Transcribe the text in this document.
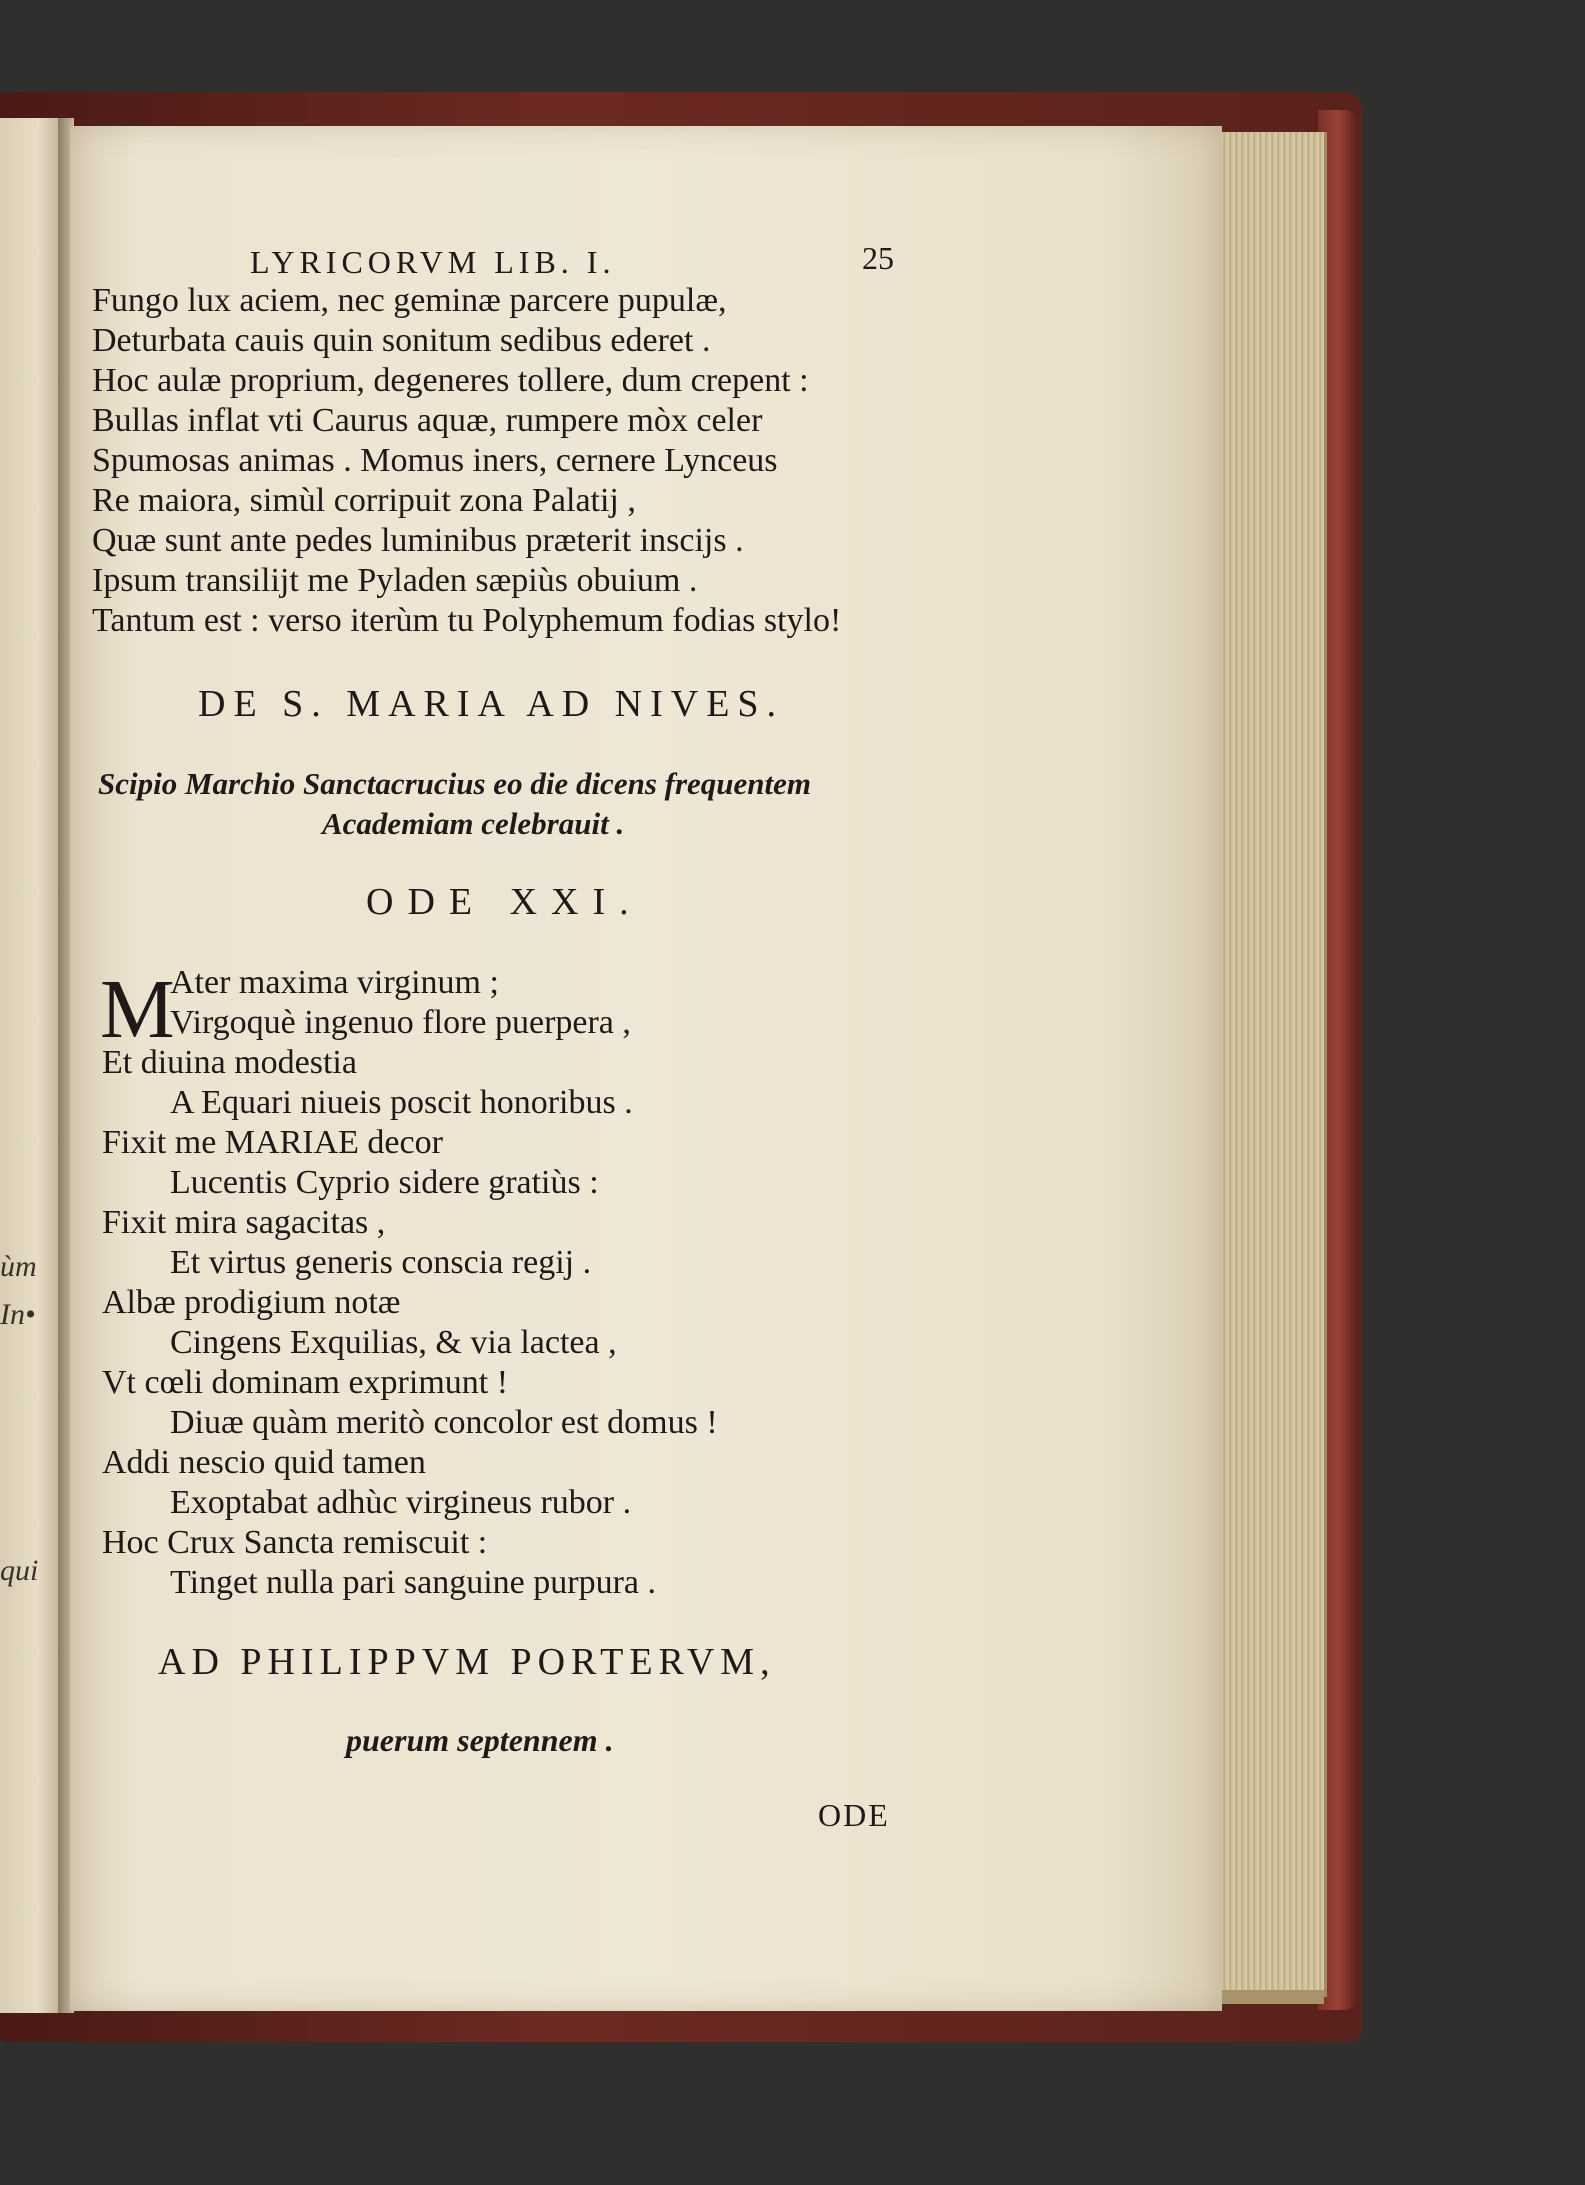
ùm
In•
qui
LYRICORVM LIB. I.	25
Fungo lux aciem, nec geminæ parcere pupulæ,
Deturbata cauis quin sonitum sedibus ederet .
Hoc aulæ proprium, degeneres tollere, dum crepent :
Bullas inflat vti Caurus aquæ, rumpere mòx celer
Spumosas animas . Momus iners, cernere Lynceus
Re maiora, simùl corripuit zona Palatij ,
Quæ sunt ante pedes luminibus præterit inscijs .
Ipsum transilijt me Pyladen sæpiùs obuium .
Tantum est : verso iterùm tu Polyphemum fodias stylo!
DE S. MARIA AD NIVES.
Scipio Marchio Sanctacrucius eo die dicens frequentem
Academiam celebrauit .
ODE XXI.
M
Ater maxima virginum ;
Virgoquè ingenuo flore puerpera ,
Et diuina modestia
A Equari niueis poscit honoribus .
Fixit me MARIAE decor
Lucentis Cyprio sidere gratiùs :
Fixit mira sagacitas ,
Et virtus generis conscia regij .
Albæ prodigium notæ
Cingens Exquilias, & via lactea ,
Vt cœli dominam exprimunt !
Diuæ quàm meritò concolor est domus !
Addi nescio quid tamen
Exoptabat adhùc virgineus rubor .
Hoc Crux Sancta remiscuit :
Tinget nulla pari sanguine purpura .
AD PHILIPPVM PORTERVM,
puerum septennem .
ODE
